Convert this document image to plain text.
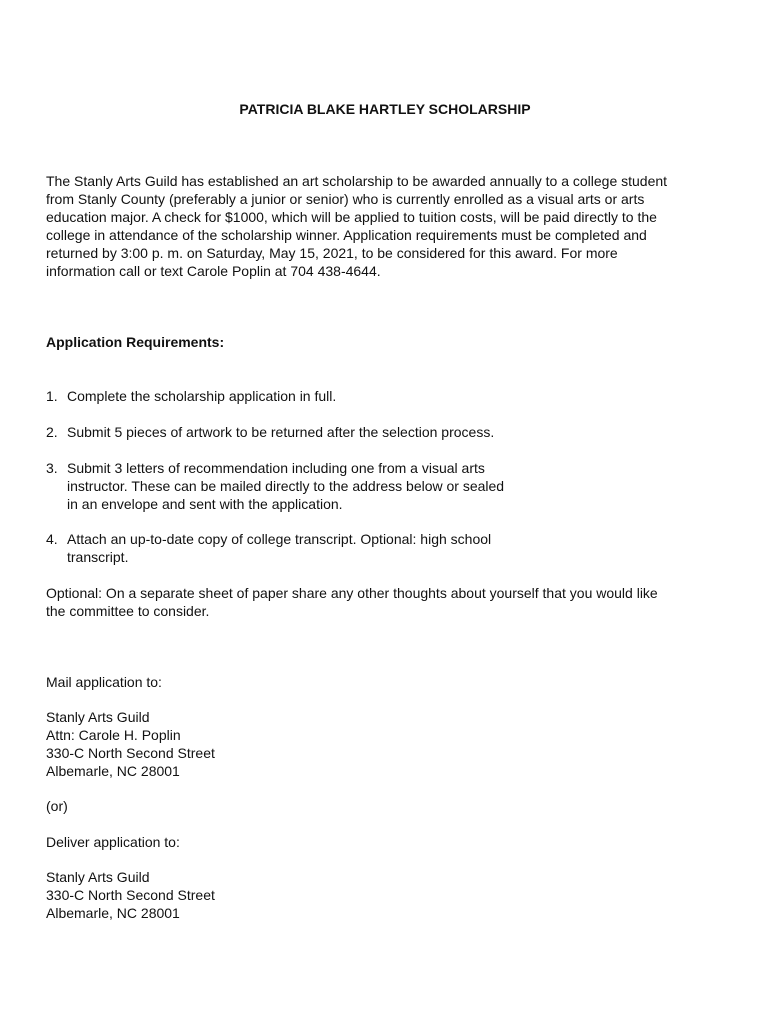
PATRICIA BLAKE HARTLEY SCHOLARSHIP
The Stanly Arts Guild has established an art scholarship to be awarded annually to a college student
from Stanly County (preferably a junior or senior) who is currently enrolled as a visual arts or arts
education major. A check for $1000, which will be applied to tuition costs, will be paid directly to the
college in attendance of the scholarship winner. Application requirements must be completed and
returned by 3:00 p. m. on Saturday, May 15, 2021, to be considered for this award. For more
information call or text Carole Poplin at 704 438-4644.
Application Requirements:
1. Complete the scholarship application in full.
2. Submit 5 pieces of artwork to be returned after the selection process.
3. Submit 3 letters of recommendation including one from a visual arts
instructor. These can be mailed directly to the address below or sealed
in an envelope and sent with the application.
4. Attach an up-to-date copy of college transcript. Optional: high school
transcript.
Optional: On a separate sheet of paper share any other thoughts about yourself that you would like
the committee to consider.
Mail application to:
Stanly Arts Guild
Attn: Carole H. Poplin
330-C North Second Street
Albemarle, NC 28001
(or)
Deliver application to:
Stanly Arts Guild
330-C North Second Street
Albemarle, NC 28001
